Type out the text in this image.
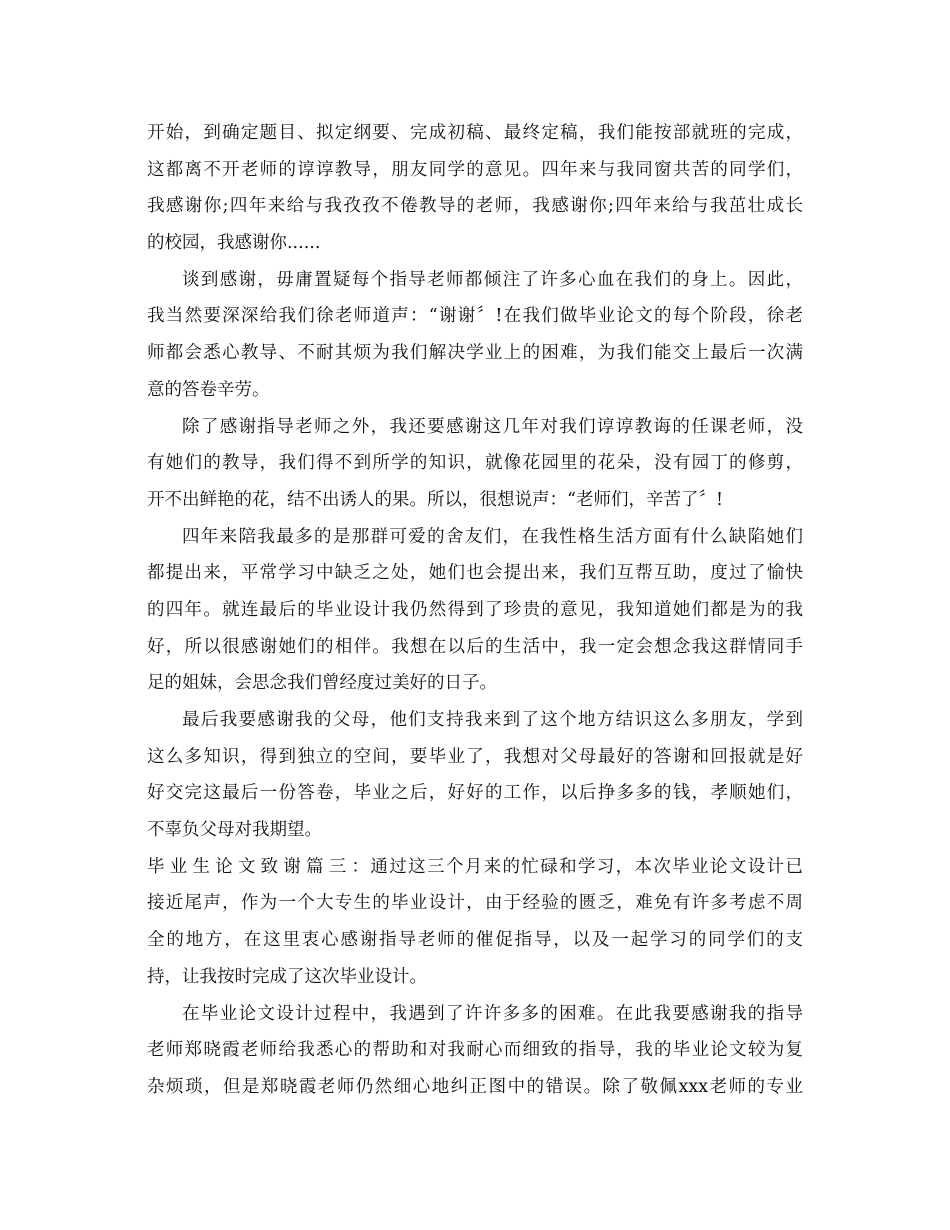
开始，到确定题目、拟定纲要、完成初稿、最终定稿，我们能按部就班的完成，
这都离不开老师的谆谆教导，朋友同学的意见。四年来与我同窗共苦的同学们，
我感谢你;四年来给与我孜孜不倦教导的老师，我感谢你;四年来给与我茁壮成长
的校园，我感谢你......
谈到感谢，毋庸置疑每个指导老师都倾注了许多心血在我们的身上。因此，
我当然要深深给我们徐老师道声：“谢谢〞!在我们做毕业论文的每个阶段，徐老
师都会悉心教导、不耐其烦为我们解决学业上的困难，为我们能交上最后一次满
意的答卷辛劳。
除了感谢指导老师之外，我还要感谢这几年对我们谆谆教诲的任课老师，没
有她们的教导，我们得不到所学的知识，就像花园里的花朵，没有园丁的修剪，
开不出鲜艳的花，结不出诱人的果。所以，很想说声：“老师们，辛苦了〞!
四年来陪我最多的是那群可爱的舍友们，在我性格生活方面有什么缺陷她们
都提出来，平常学习中缺乏之处，她们也会提出来，我们互帮互助，度过了愉快
的四年。就连最后的毕业设计我仍然得到了珍贵的意见，我知道她们都是为的我
好，所以很感谢她们的相伴。我想在以后的生活中，我一定会想念我这群情同手
足的姐妹，会思念我们曾经度过美好的日子。
最后我要感谢我的父母，他们支持我来到了这个地方结识这么多朋友，学到
这么多知识，得到独立的空间，要毕业了，我想对父母最好的答谢和回报就是好
好交完这最后一份答卷，毕业之后，好好的工作，以后挣多多的钱，孝顺她们，
不辜负父母对我期望。
毕业生论文致谢篇三：通过这三个月来的忙碌和学习，本次毕业论文设计已
接近尾声，作为一个大专生的毕业设计，由于经验的匮乏，难免有许多考虑不周
全的地方，在这里衷心感谢指导老师的催促指导，以及一起学习的同学们的支
持，让我按时完成了这次毕业设计。
在毕业论文设计过程中，我遇到了许许多多的困难。在此我要感谢我的指导
老师郑晓霞老师给我悉心的帮助和对我耐心而细致的指导，我的毕业论文较为复
杂烦琐，但是郑晓霞老师仍然细心地纠正图中的错误。除了敬佩xxx老师的专业
